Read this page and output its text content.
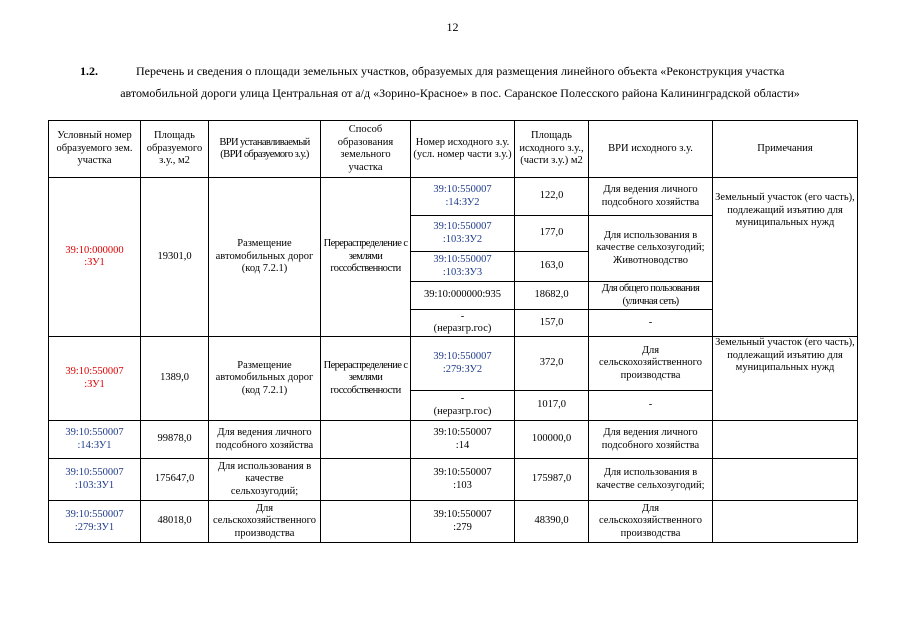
12
1.2.	Перечень и сведения о площади земельных участков, образуемых для размещения линейного объекта «Реконструкция участка
автомобильной дороги улица Центральная от а/д «Зорино-Красное» в пос. Саранское Полесского района Калининградской области»
Условный номер образуемого зем. участка	Площадь образуемого з.у., м2	ВРИ устанавливаемый (ВРИ образуемого з.у.)	Способ образования земельного участка	Номер исходного з.у. (усл. номер части з.у.)	Площадь исходного з.у., (части з.у.) м2	ВРИ исходного з.у.	Примечания
39:10:000000
:ЗУ1	19301,0	Размещение автомобильных дорог (код 7.2.1)	Перераспределение с землями госсобственности	39:10:550007
:14:ЗУ2	122,0	Для ведения личного подсобного хозяйства	Земельный участок (его часть), подлежащий изъятию для муниципальных нужд
				39:10:550007
:103:ЗУ2	177,0	Для использования в качестве сельхозугодий; Животноводство	
				39:10:550007
:103:ЗУ3	163,0		
				39:10:000000:935	18682,0	Для общего пользования (уличная сеть)	
				-
(неразгр.гос)	157,0	-	
39:10:550007
:ЗУ1	1389,0	Размещение автомобильных дорог (код 7.2.1)	Перераспределение с землями госсобственности	39:10:550007
:279:ЗУ2	372,0	Для сельскохозяйственного производства	Земельный участок (его часть), подлежащий изъятию для муниципальных нужд
				-
(неразгр.гос)	1017,0	-	
39:10:550007
:14:ЗУ1	99878,0	Для ведения личного подсобного хозяйства		39:10:550007
:14	100000,0	Для ведения личного подсобного хозяйства	
39:10:550007
:103:ЗУ1	175647,0	Для использования в качестве сельхозугодий;		39:10:550007
:103	175987,0	Для использования в качестве сельхозугодий;	
39:10:550007
:279:ЗУ1	48018,0	Для сельскохозяйственного производства		39:10:550007
:279	48390,0	Для сельскохозяйственного производства	
